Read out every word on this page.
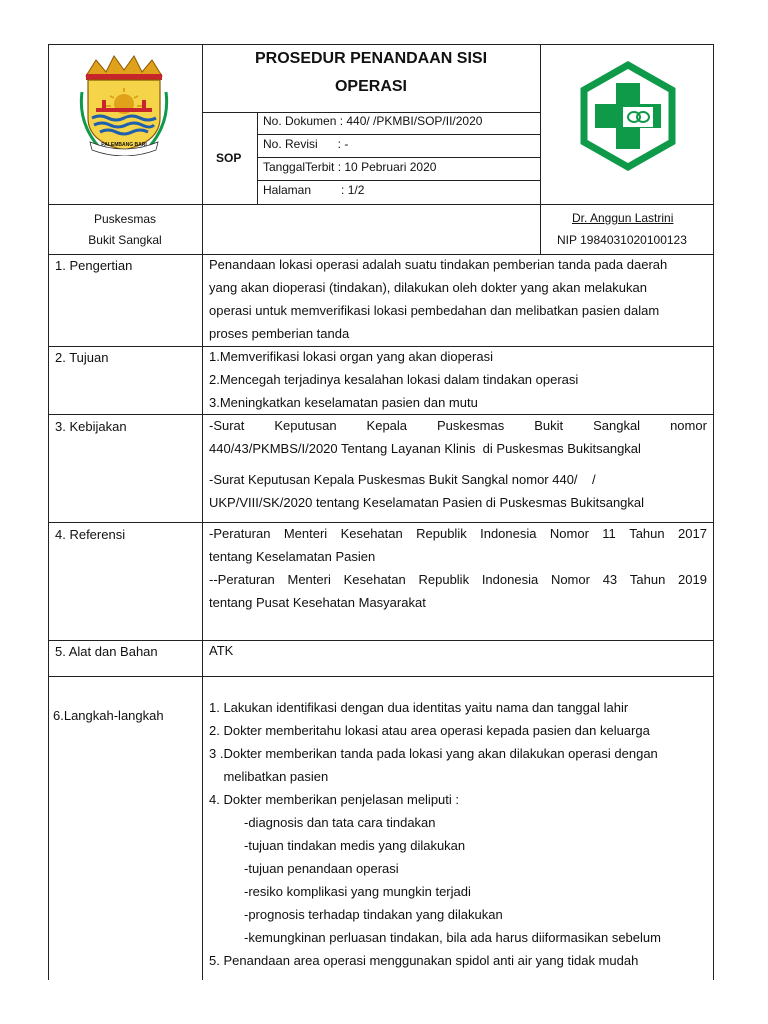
PALEMBANG BARI
PROSEDUR PENANDAAN SISI
OPERASI
SOP
No. Dokumen : 440/ /PKMBI/SOP/II/2020
No. Revisi      : -
TanggalTerbit : 10 Pebruari 2020
Halaman         : 1/2
Puskesmas
Bukit Sangkal
Dr. Anggun Lastrini
NIP 1984031020100123
1. Pengertian	Penandaan lokasi operasi adalah suatu tindakan pemberian tanda pada daerah
yang akan dioperasi (tindakan), dilakukan oleh dokter yang akan melakukan
operasi untuk memverifikasi lokasi pembedahan dan melibatkan pasien dalam
proses pemberian tanda
2. Tujuan	1.Memverifikasi lokasi organ yang akan dioperasi
2.Mencegah terjadinya kesalahan lokasi dalam tindakan operasi
3.Meningkatkan keselamatan pasien dan mutu
3. Kebijakan	-Surat Keputusan Kepala Puskesmas Bukit Sangkal nomor
440/43/PKMBS/I/2020 Tentang Layanan Klinis  di Puskesmas Bukitsangkal
-Surat Keputusan Kepala Puskesmas Bukit Sangkal nomor 440/    /
UKP/VIII/SK/2020 tentang Keselamatan Pasien di Puskesmas Bukitsangkal
4. Referensi	-Peraturan Menteri Kesehatan Republik Indonesia Nomor 11 Tahun 2017
tentang Keselamatan Pasien
--Peraturan Menteri Kesehatan Republik Indonesia Nomor 43 Tahun 2019
tentang Pusat Kesehatan Masyarakat
5. Alat dan Bahan	ATK
6.Langkah-langkah
1. Lakukan identifikasi dengan dua identitas yaitu nama dan tanggal lahir
2. Dokter memberitahu lokasi atau area operasi kepada pasien dan keluarga
3 .Dokter memberikan tanda pada lokasi yang akan dilakukan operasi dengan
melibatkan pasien
4. Dokter memberikan penjelasan meliputi :
-diagnosis dan tata cara tindakan
-tujuan tindakan medis yang dilakukan
-tujuan penandaan operasi
-resiko komplikasi yang mungkin terjadi
-prognosis terhadap tindakan yang dilakukan
-kemungkinan perluasan tindakan, bila ada harus diiformasikan sebelum
5. Penandaan area operasi menggunakan spidol anti air yang tidak mudah
